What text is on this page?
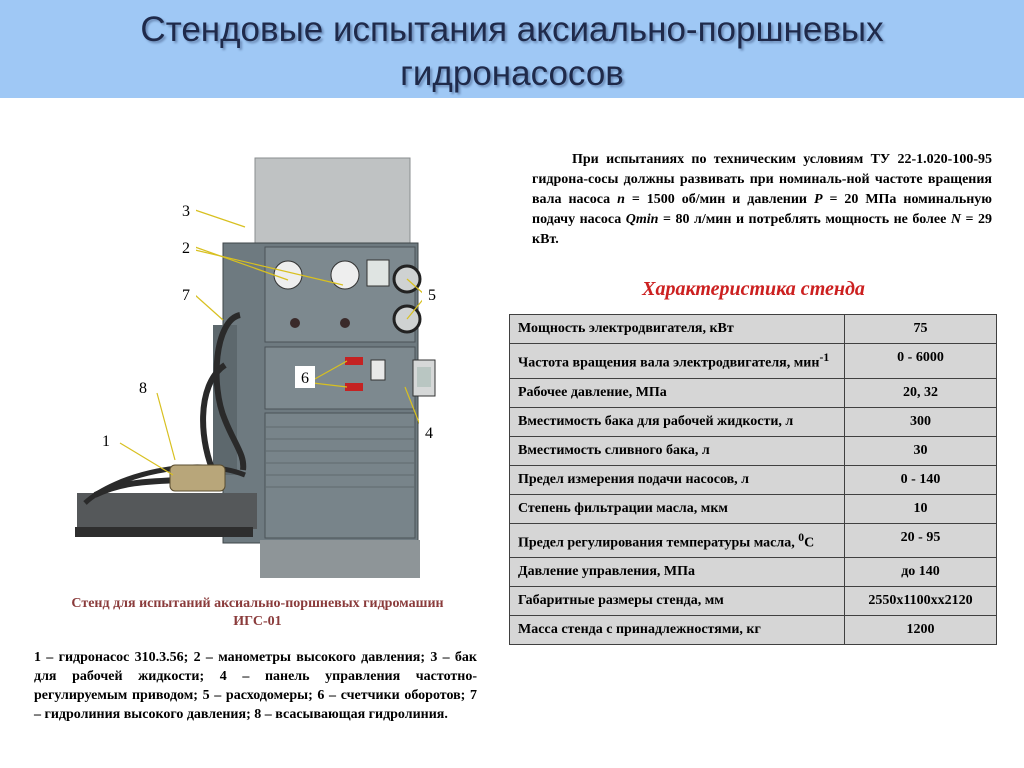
Стендовые испытания аксиально-поршневых гидронасосов
3
2
7
8
1
5
6
4
Стенд для испытаний аксиально-поршневых гидромашин ИГС-01
1 – гидронасос 310.3.56; 2 – манометры высокого давления; 3 – бак для рабочей жидкости; 4 – панель управления частотно-регулируемым приводом; 5 – расходомеры; 6 – счетчики оборотов; 7 – гидролиния высокого давления; 8 – всасывающая гидролиния.
При испытаниях по техническим условиям ТУ 22-1.020-100-95 гидрона-сосы должны развивать при номиналь-ной частоте вращения вала насоса n = 1500 об/мин и давлении P = 20 МПа номинальную подачу насоса Qmin = 80 л/мин и потреблять мощность не более N = 29 кВт.
Характеристика стенда
Мощность электродвигателя, кВт	75
Частота вращения вала электродвигателя, мин$^{-1}$	0 - 6000
Рабочее давление, МПа	20, 32
Вместимость бака для рабочей жидкости, л	300
Вместимость сливного бака, л	30
Предел измерения подачи насосов, л	0 - 140
Степень фильтрации масла, мкм	10
Предел регулирования температуры масла, $^0$С	20 - 95
Давление управления, МПа	до 140
Габаритные размеры стенда, мм	2550х1100хх2120
Масса стенда с принадлежностями, кг	1200
